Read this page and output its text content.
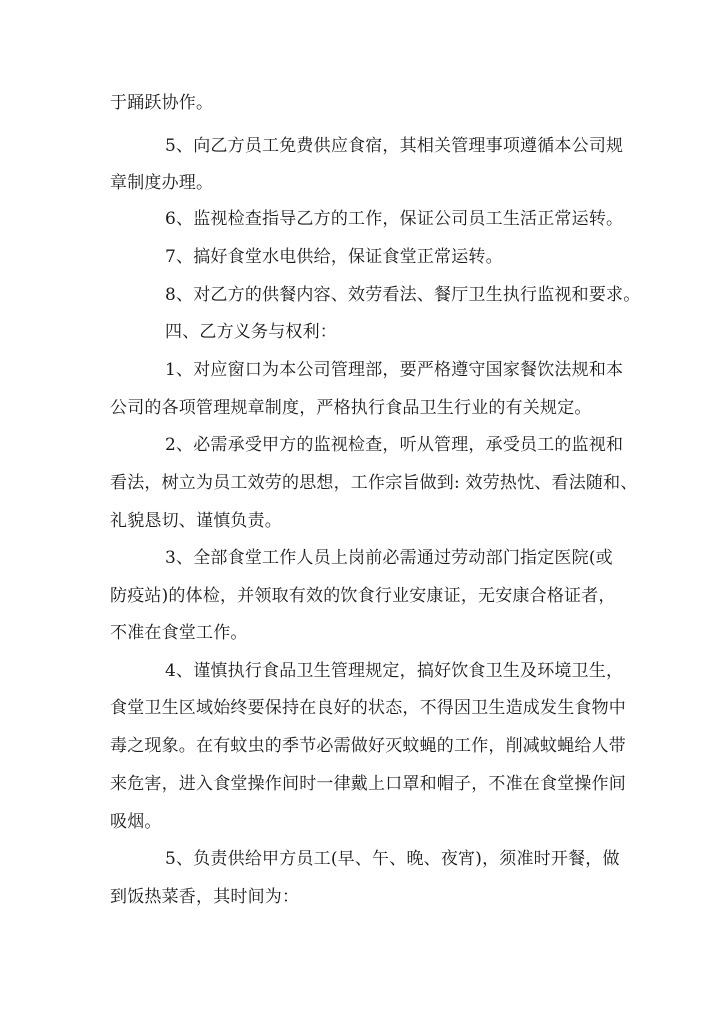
于踊跃协作。
5、向乙方员工免费供应食宿，其相关管理事项遵循本公司规
章制度办理。
6、监视检查指导乙方的工作，保证公司员工生活正常运转。
7、搞好食堂水电供给，保证食堂正常运转。
8、对乙方的供餐内容、效劳看法、餐厅卫生执行监视和要求。
四、乙方义务与权利：
1、对应窗口为本公司管理部，要严格遵守国家餐饮法规和本
公司的各项管理规章制度，严格执行食品卫生行业的有关规定。
2、必需承受甲方的监视检查，听从管理，承受员工的监视和
看法，树立为员工效劳的思想，工作宗旨做到: 效劳热忱、看法随和、
礼貌恳切、谨慎负责。
3、全部食堂工作人员上岗前必需通过劳动部门指定医院(或
防疫站)的体检，并领取有效的饮食行业安康证，无安康合格证者，
不准在食堂工作。
4、谨慎执行食品卫生管理规定，搞好饮食卫生及环境卫生，
食堂卫生区域始终要保持在良好的状态，不得因卫生造成发生食物中
毒之现象。在有蚊虫的季节必需做好灭蚊蝇的工作，削减蚊蝇给人带
来危害，进入食堂操作间时一律戴上口罩和帽子，不准在食堂操作间
吸烟。
5、负责供给甲方员工(早、午、晚、夜宵)，须准时开餐，做
到饭热菜香，其时间为：
